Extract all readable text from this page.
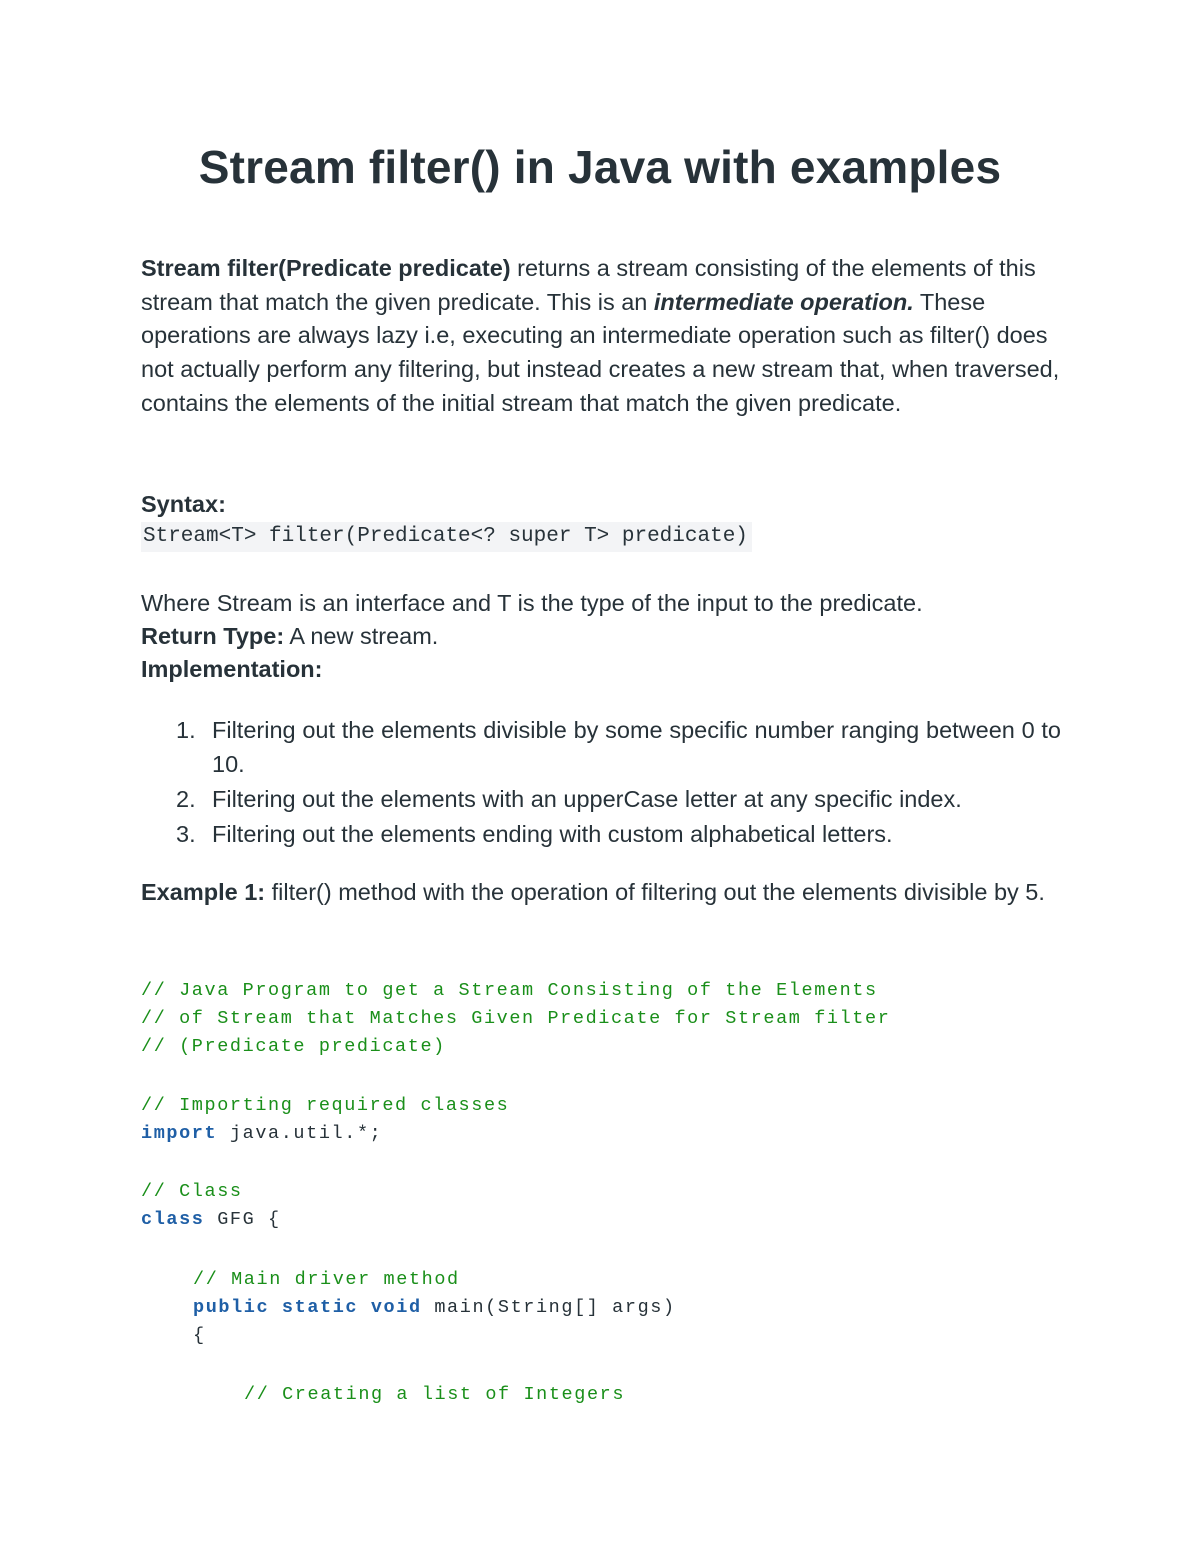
Stream filter() in Java with examples

Stream filter(Predicate predicate) returns a stream consisting of the elements of this stream that match the given predicate. This is an intermediate operation. These operations are always lazy i.e, executing an intermediate operation such as filter() does not actually perform any filtering, but instead creates a new stream that, when traversed, contains the elements of the initial stream that match the given predicate.

Syntax:

Stream<T> filter(Predicate<? super T> predicate)

Where Stream is an interface and T is the type of the input to the predicate.

Return Type: A new stream.

Implementation:

1. Filtering out the elements divisible by some specific number ranging between 0 to 10.
2. Filtering out the elements with an upperCase letter at any specific index.
3. Filtering out the elements ending with custom alphabetical letters.

Example 1: filter() method with the operation of filtering out the elements divisible by 5.

// Java Program to get a Stream Consisting of the Elements
// of Stream that Matches Given Predicate for Stream filter
// (Predicate predicate)
// Importing required classes
import java.util.*;
// Class
class GFG {
// Main driver method
public static void main(String[] args)
{
// Creating a list of Integers
